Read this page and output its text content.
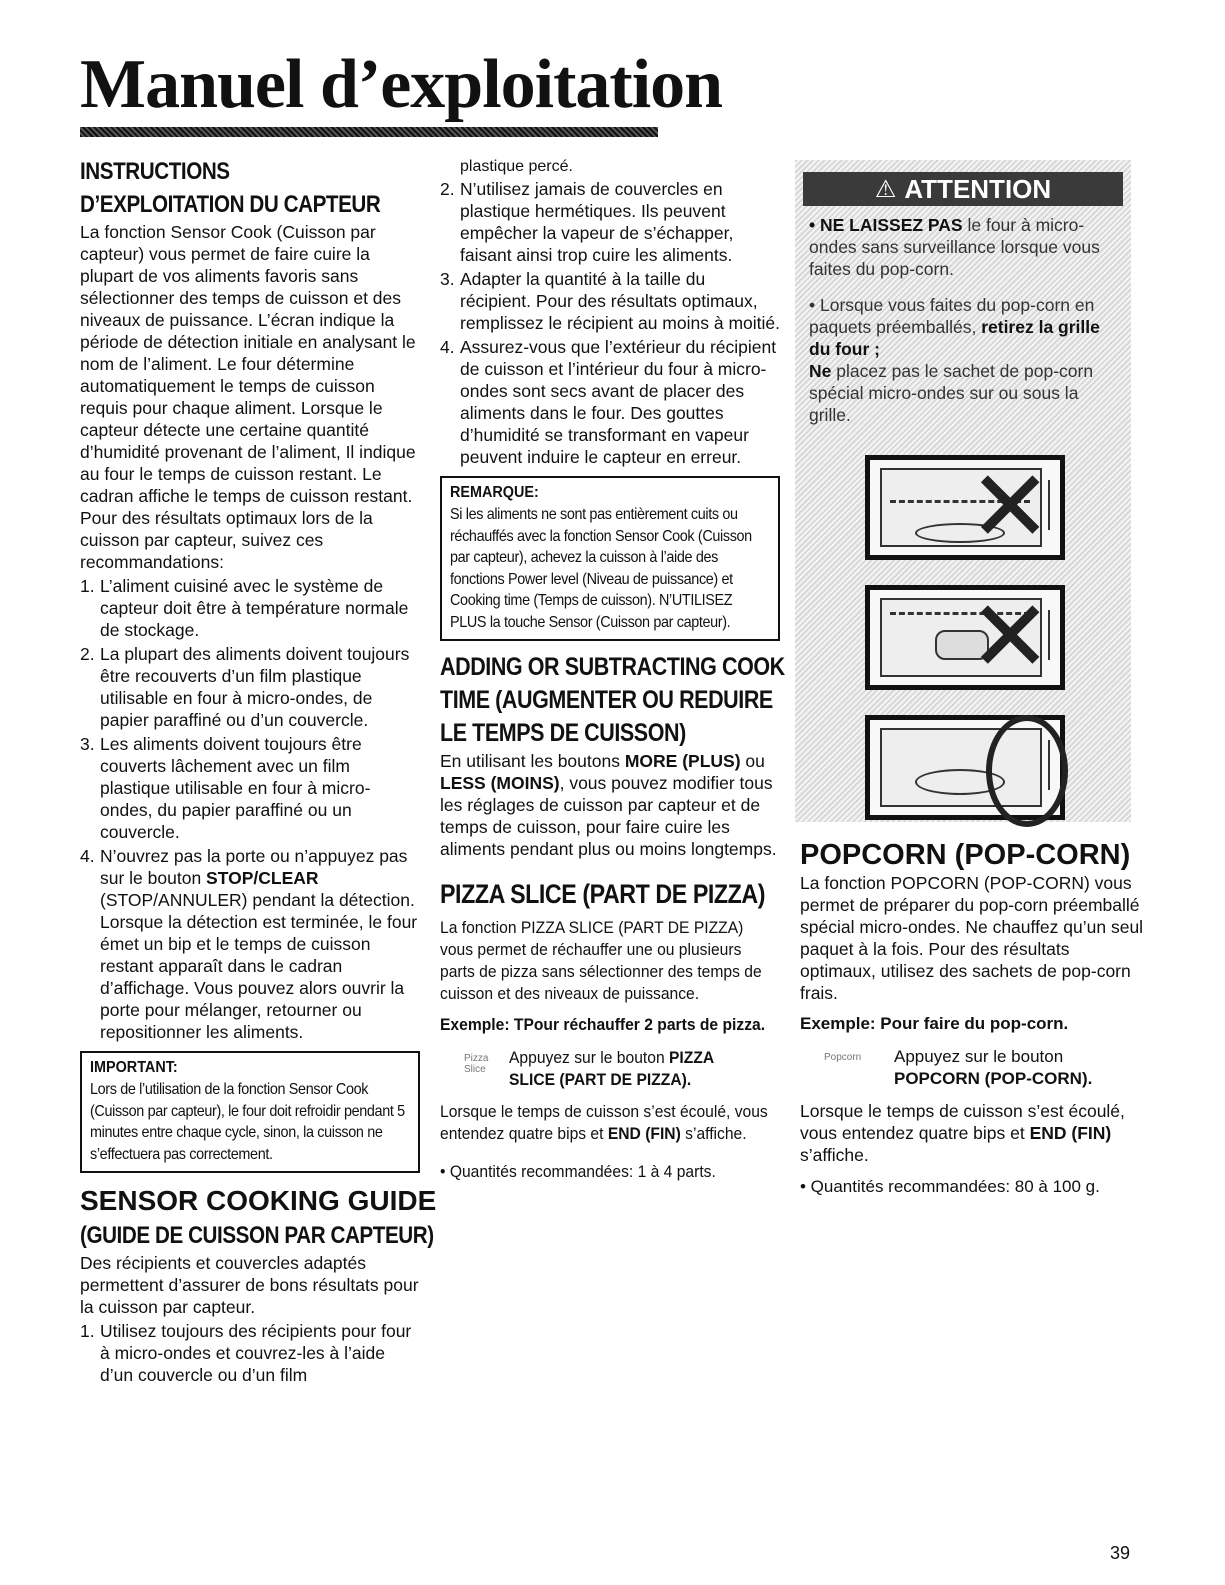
Manuel d’exploitation
INSTRUCTIONS
D’EXPLOITATION DU CAPTEUR

La fonction Sensor Cook (Cuisson par capteur) vous permet de faire cuire la plupart de vos aliments favoris sans sélectionner des temps de cuisson et des niveaux de puissance. L’écran indique la période de détection initiale en analysant le nom de l’aliment. Le four détermine automatiquement le temps de cuisson requis pour chaque aliment. Lorsque le capteur détecte une certaine quantité d’humidité provenant de l’aliment, Il indique au four le temps de cuisson restant. Le cadran affiche le temps de cuisson restant. Pour des résultats optimaux lors de la cuisson par capteur, suivez ces recommandations:

1. L’aliment cuisiné avec le système de capteur doit être à température normale de stockage.
2. La plupart des aliments doivent toujours être recouverts d’un film plastique utilisable en four à micro-ondes, de papier paraffiné ou d’un couvercle.
3. Les aliments doivent toujours être couverts lâchement avec un film plastique utilisable en four à micro-ondes, du papier paraffiné ou un couvercle.
4. N’ouvrez pas la porte ou n’appuyez pas sur le bouton STOP/CLEAR (STOP/ANNULER) pendant la détection. Lorsque la détection est terminée, le four émet un bip et le temps de cuisson restant apparaît dans le cadran d’affichage. Vous pouvez alors ouvrir la porte pour mélanger, retourner ou repositionner les aliments.
IMPORTANT:
Lors de l’utilisation de la fonction Sensor Cook (Cuisson par capteur), le four doit refroidir pendant 5 minutes entre chaque cycle, sinon, la cuisson ne s’effectuera pas correctement.
SENSOR COOKING GUIDE
(GUIDE DE CUISSON PAR CAPTEUR)

Des récipients et couvercles adaptés permettent d’assurer de bons résultats pour la cuisson par capteur.

1. Utilisez toujours des récipients pour four à micro-ondes et couvrez-les à l’aide d’un couvercle ou d’un film
plastique percé.
2. N’utilisez jamais de couvercles en plastique hermétiques. Ils peuvent empêcher la vapeur de s’échapper, faisant ainsi trop cuire les aliments.
3. Adapter la quantité à la taille du récipient. Pour des résultats optimaux, remplissez le récipient au moins à moitié.
4. Assurez-vous que l’extérieur du récipient de cuisson et l’intérieur du four à micro-ondes sont secs avant de placer des aliments dans le four. Des gouttes d’humidité se transformant en vapeur peuvent induire le capteur en erreur.
REMARQUE:
Si les aliments ne sont pas entièrement cuits ou réchauffés avec la fonction Sensor Cook (Cuisson par capteur), achevez la cuisson à l’aide des fonctions Power level (Niveau de puissance) et Cooking time (Temps de cuisson). N’UTILISEZ PLUS la touche Sensor (Cuisson par capteur).
ADDING OR SUBTRACTING COOK
TIME (AUGMENTER OU REDUIRE
LE TEMPS DE CUISSON)

En utilisant les boutons MORE (PLUS) ou LESS (MOINS), vous pouvez modifier tous les réglages de cuisson par capteur et de temps de cuisson, pour faire cuire les aliments pendant plus ou moins longtemps.

PIZZA SLICE (PART DE PIZZA)
La fonction PIZZA SLICE (PART DE PIZZA) vous permet de réchauffer une ou plusieurs parts de pizza sans sélectionner des temps de cuisson et des niveaux de puissance.
Exemple: TPour réchauffer 2 parts de pizza.
Pizza
Slice
Appuyez sur le bouton PIZZA SLICE (PART DE PIZZA).
Lorsque le temps de cuisson s’est écoulé, vous entendez quatre bips et END (FIN) s’affiche.
• Quantités recommandées: 1 à 4 parts.
⚠ ATTENTION

• NE LAISSEZ PAS le four à micro-ondes sans surveillance lorsque vous faites du pop-corn.

• Lorsque vous faites du pop-corn en paquets préemballés, retirez la grille du four ;

Ne placez pas le sachet de pop-corn spécial micro-ondes sur ou sous la grille.

✕
✕
POPCORN (POP-CORN)

La fonction POPCORN (POP-CORN) vous permet de préparer du pop-corn préemballé spécial micro-ondes. Ne chauffez qu’un seul paquet à la fois. Pour des résultats optimaux, utilisez des sachets de pop-corn frais.

Exemple: Pour faire du pop-corn.
Popcorn	Appuyez sur le bouton POPCORN (POP-CORN).

Lorsque le temps de cuisson s’est écoulé, vous entendez quatre bips et END (FIN) s’affiche.

• Quantités recommandées: 80 à 100 g.
39
